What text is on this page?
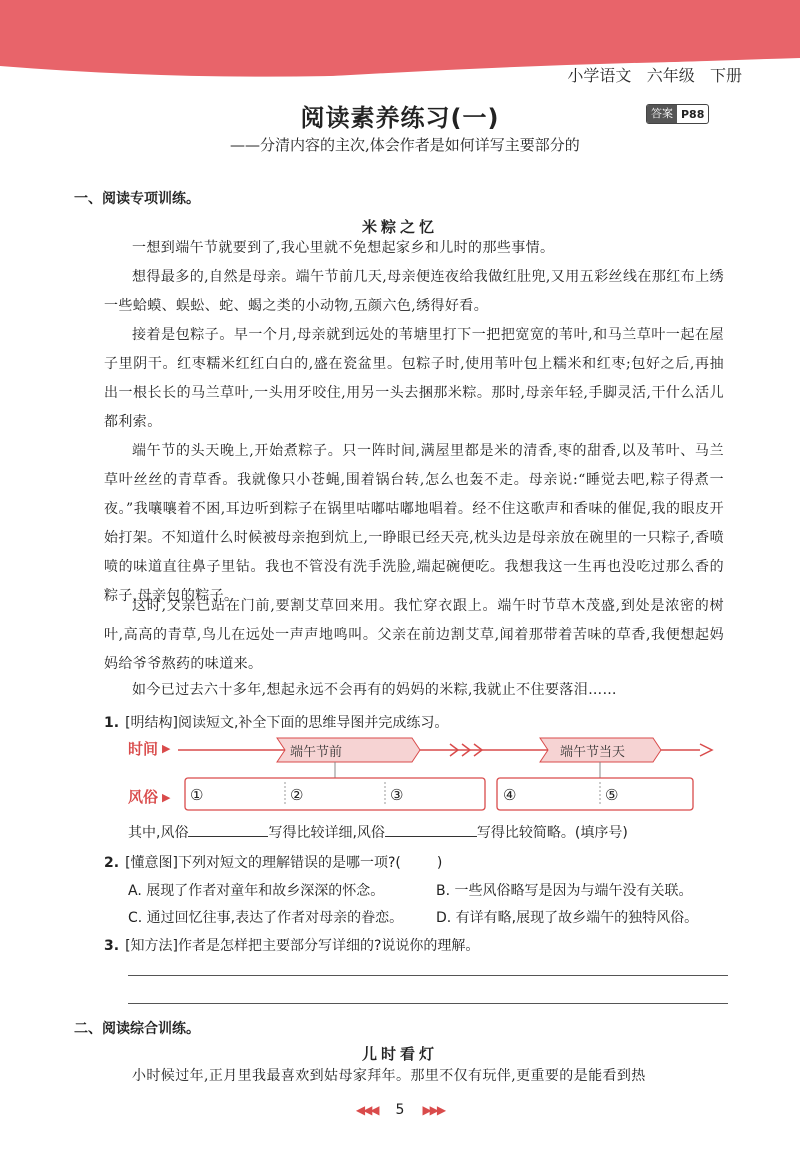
小学语文 六年级 下册

阅读素养练习(一)	答案 P88
——分清内容的主次,体会作者是如何详写主要部分的
一、阅读专项训练。
米粽之忆

一想到端午节就要到了,我心里就不免想起家乡和儿时的那些事情。

想得最多的,自然是母亲。端午节前几天,母亲便连夜给我做红肚兜,又用五彩丝线在那红布上绣一些蛤蟆、蜈蚣、蛇、蝎之类的小动物,五颜六色,绣得好看。

接着是包粽子。早一个月,母亲就到远处的苇塘里打下一把把宽宽的苇叶,和马兰草叶一起在屋子里阴干。红枣糯米红红白白的,盛在瓷盆里。包粽子时,使用苇叶包上糯米和红枣;包好之后,再抽出一根长长的马兰草叶,一头用牙咬住,用另一头去捆那米粽。那时,母亲年轻,手脚灵活,干什么活儿都利索。

端午节的头天晚上,开始煮粽子。只一阵时间,满屋里都是米的清香,枣的甜香,以及苇叶、马兰草叶丝丝的青草香。我就像只小苍蝇,围着锅台转,怎么也轰不走。母亲说:“睡觉去吧,粽子得煮一夜。”我嚷嚷着不困,耳边听到粽子在锅里咕嘟咕嘟地唱着。经不住这歌声和香味的催促,我的眼皮开始打架。不知道什么时候被母亲抱到炕上,一睁眼已经天亮,枕头边是母亲放在碗里的一只粽子,香喷喷的味道直往鼻子里钻。我也不管没有洗手洗脸,端起碗便吃。我想我这一生再也没吃过那么香的粽子,母亲包的粽子。

这时,父亲已站在门前,要割艾草回来用。我忙穿衣跟上。端午时节草木茂盛,到处是浓密的树叶,高高的青草,鸟儿在远处一声声地鸣叫。父亲在前边割艾草,闻着那带着苦味的草香,我便想起妈妈给爷爷熬药的味道来。

如今已过去六十多年,想起永远不会再有的妈妈的米粽,我就止不住要落泪……

1. [明结构]阅读短文,补全下面的思维导图并完成练习。
时间 ▶
风俗 ▶
端午节前	端午节当天
①	②	③	④	⑤
其中,风俗	写得比较详细,风俗	写得比较简略。(填序号)
2. [懂意图]下列对短文的理解错误的是哪一项?(	)
A. 展现了作者对童年和故乡深深的怀念。	B. 一些风俗略写是因为与端午没有关联。
C. 通过回忆往事,表达了作者对母亲的眷恋。 D. 有详有略,展现了故乡端午的独特风俗。
3. [知方法]作者是怎样把主要部分写详细的?说说你的理解。
二、阅读综合训练。
儿时看灯

小时候过年,正月里我最喜欢到姑母家拜年。那里不仅有玩伴,更重要的是能看到热

◀◀◀ 5 ▶▶▶
